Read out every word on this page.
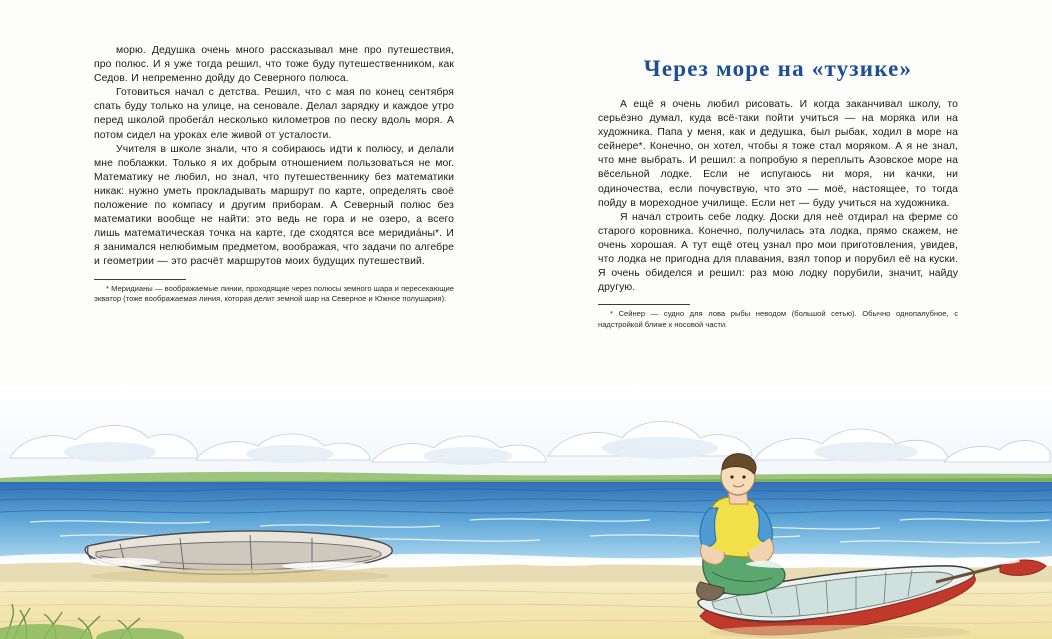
морю. Дедушка очень много рассказывал мне про путешествия, про полюс. И я уже тогда решил, что тоже буду путешественником, как Седов. И непременно дойду до Северного полюса.

Готовиться начал с детства. Решил, что с мая по конец сентября спать буду только на улице, на сеновале. Делал зарядку и каждое утро перед школой пробега́л несколько километров по песку вдоль моря. А потом сидел на уроках еле живой от усталости.

Учителя в школе знали, что я собираюсь идти к полюсу, и делали мне поблажки. Только я их добрым отношением пользоваться не мог. Математику не любил, но знал, что путешественнику без математики никак: нужно уметь прокладывать маршрут по карте, определять своё положение по компасу и другим приборам. А Северный полюс без математики вообще не найти: это ведь не гора и не озеро, а всего лишь математическая точка на карте, где сходятся все меридиа́ны*. И я занимался нелюбимым предметом, воображая, что задачи по алгебре и геометрии — это расчёт маршрутов моих будущих путешествий.

* Меридианы — воображаемые линии, проходящие через полюсы земного шара и пересекающие экватор (тоже воображаемая линия, которая делит земной шар на Северное и Южное полушария).

Через море на «тузике»

А ещё я очень любил рисовать. И когда заканчивал школу, то серьёзно думал, куда всё-таки пойти учиться — на моряка или на художника. Папа у меня, как и дедушка, был рыбак, ходил в море на сейнере*. Конечно, он хотел, чтобы я тоже стал моряком. А я не знал, что мне выбрать. И решил: а попробую я переплыть Азовское море на вёсельной лодке. Если не испугаюсь ни моря, ни качки, ни одиночества, если почувствую, что это — моё, настоящее, то тогда пойду в мореходное училище. Если нет — буду учиться на художника.

Я начал строить себе лодку. Доски для неё отдирал на ферме со старого коровника. Конечно, получилась эта лодка, прямо скажем, не очень хорошая. А тут ещё отец узнал про мои приготовления, увидев, что лодка не пригодна для плавания, взял топор и порубил её на куски. Я очень обиделся и решил: раз мою лодку порубили, значит, найду другую.

* Сейнер — судно для лова рыбы неводом (большой сетью). Обычно однопалубное, с надстройкой ближе к носовой части.
